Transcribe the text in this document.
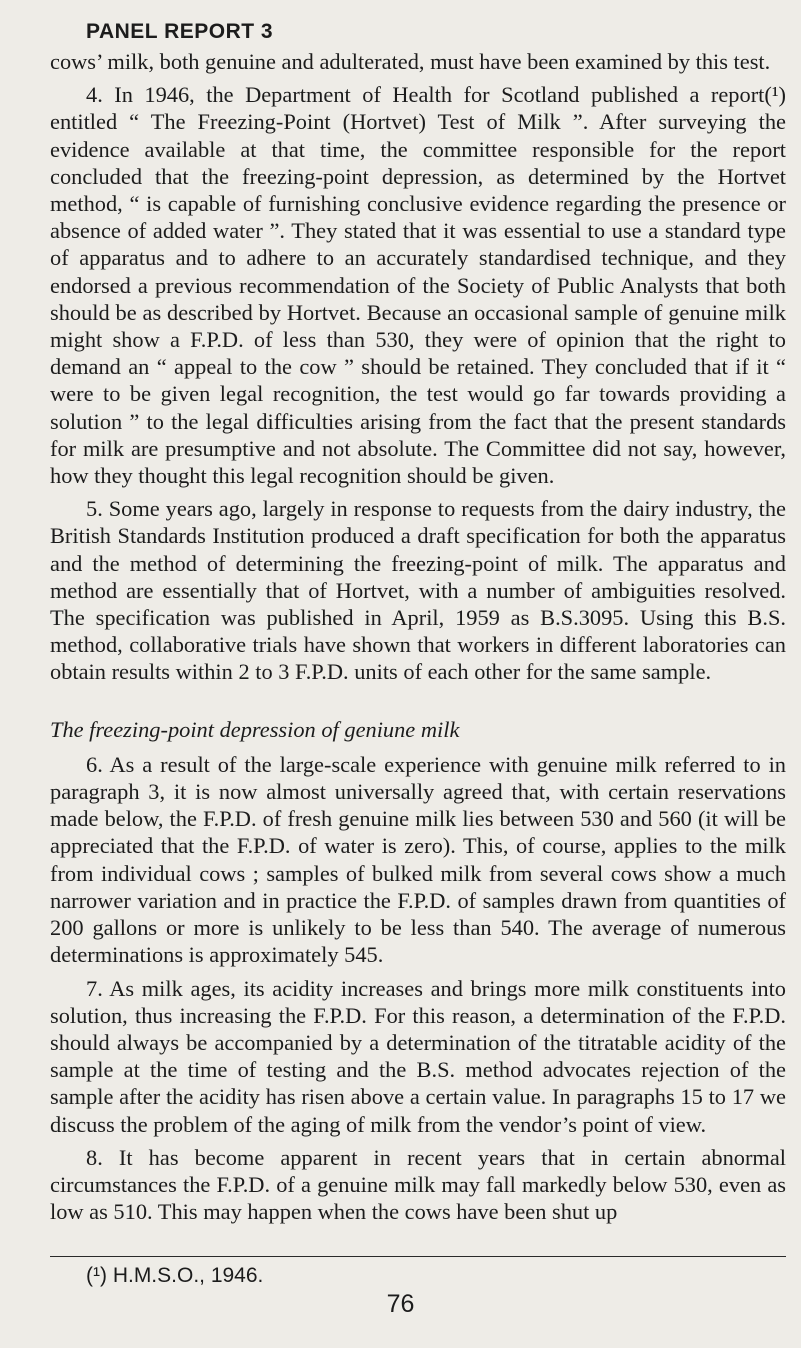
PANEL REPORT 3

cows’ milk, both genuine and adulterated, must have been examined by this test.

4. In 1946, the Department of Health for Scotland published a report(¹) entitled “ The Freezing-Point (Hortvet) Test of Milk ”. After surveying the evidence available at that time, the committee responsible for the report concluded that the freezing-point depression, as determined by the Hortvet method, “ is capable of furnishing conclusive evidence regarding the presence or absence of added water ”. They stated that it was essential to use a standard type of apparatus and to adhere to an accurately standardised technique, and they endorsed a previous recommendation of the Society of Public Analysts that both should be as described by Hortvet. Because an occasional sample of genuine milk might show a F.P.D. of less than 530, they were of opinion that the right to demand an “ appeal to the cow ” should be retained. They concluded that if it “ were to be given legal recognition, the test would go far towards providing a solution ” to the legal difficulties arising from the fact that the present standards for milk are presumptive and not absolute. The Committee did not say, however, how they thought this legal recognition should be given.

5. Some years ago, largely in response to requests from the dairy industry, the British Standards Institution produced a draft specification for both the apparatus and the method of determining the freezing-point of milk. The apparatus and method are essentially that of Hortvet, with a number of ambiguities resolved. The specification was published in April, 1959 as B.S.3095. Using this B.S. method, collaborative trials have shown that workers in different laboratories can obtain results within 2 to 3 F.P.D. units of each other for the same sample.

The freezing-point depression of geniune milk

6. As a result of the large-scale experience with genuine milk referred to in paragraph 3, it is now almost universally agreed that, with certain reservations made below, the F.P.D. of fresh genuine milk lies between 530 and 560 (it will be appreciated that the F.P.D. of water is zero). This, of course, applies to the milk from individual cows ; samples of bulked milk from several cows show a much narrower variation and in practice the F.P.D. of samples drawn from quantities of 200 gallons or more is unlikely to be less than 540. The average of numerous determinations is approximately 545.

7. As milk ages, its acidity increases and brings more milk constituents into solution, thus increasing the F.P.D. For this reason, a determination of the F.P.D. should always be accompanied by a determination of the titratable acidity of the sample at the time of testing and the B.S. method advocates rejection of the sample after the acidity has risen above a certain value. In paragraphs 15 to 17 we discuss the problem of the aging of milk from the vendor’s point of view.

8. It has become apparent in recent years that in certain abnormal circumstances the F.P.D. of a genuine milk may fall markedly below 530, even as low as 510. This may happen when the cows have been shut up

(¹) H.M.S.O., 1946.
76
